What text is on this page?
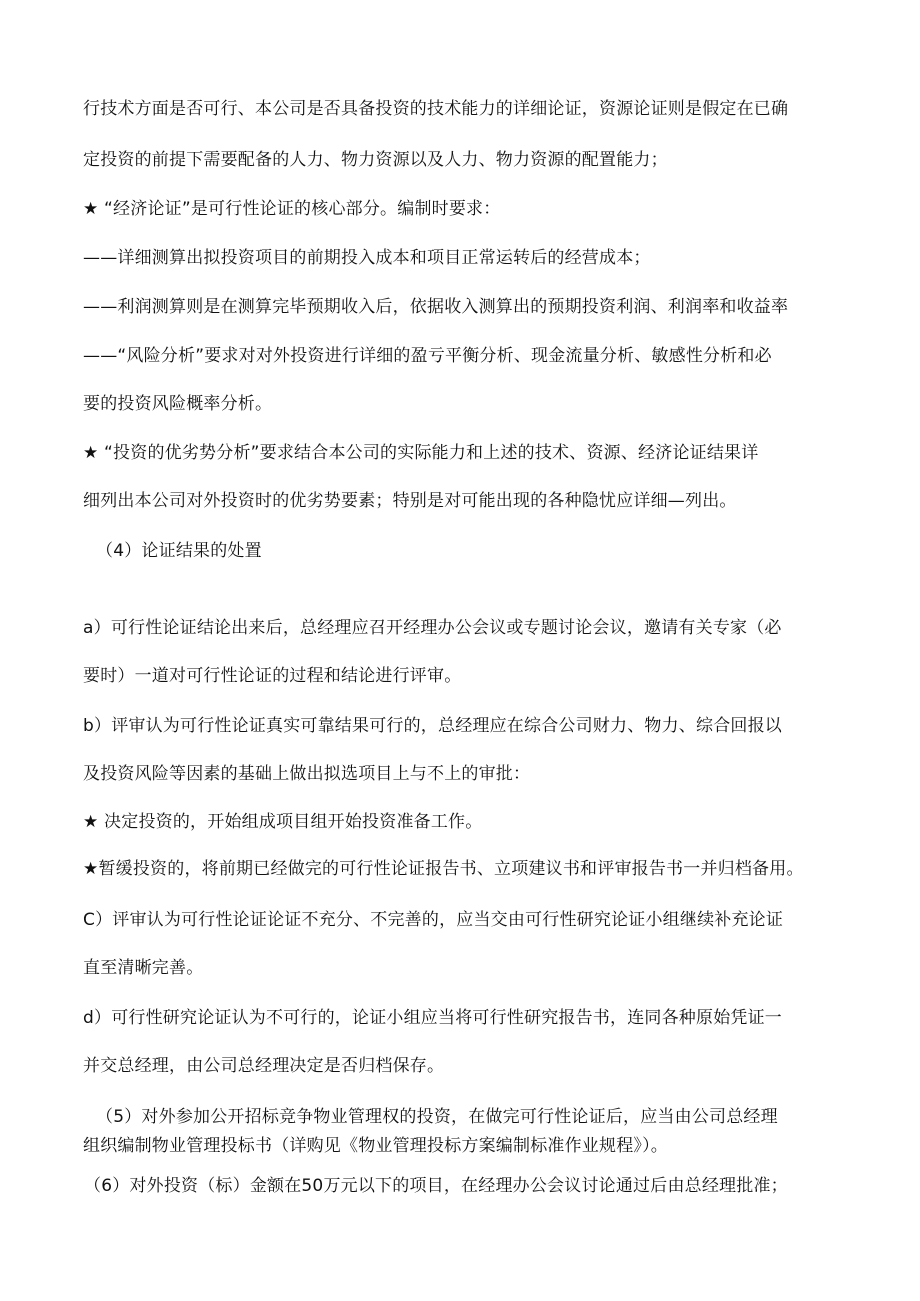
行技术方面是否可行、本公司是否具备投资的技术能力的详细论证，资源论证则是假定在已确
定投资的前提下需要配备的人力、物力资源以及人力、物力资源的配置能力；
★ “经济论证”是可行性论证的核心部分。编制时要求：
——详细测算出拟投资项目的前期投入成本和项目正常运转后的经营成本；
——利润测算则是在测算完毕预期收入后，依据收入测算出的预期投资利润、利润率和收益率
——“风险分析”要求对对外投资进行详细的盈亏平衡分析、现金流量分析、敏感性分析和必
要的投资风险概率分析。
★ “投资的优劣势分析”要求结合本公司的实际能力和上述的技术、资源、经济论证结果详
细列出本公司对外投资时的优劣势要素；特别是对可能出现的各种隐忧应详细—列出。
（4）论证结果的处置
a）可行性论证结论出来后，总经理应召开经理办公会议或专题讨论会议，邀请有关专家（必
要时）一道对可行性论证的过程和结论进行评审。
b）评审认为可行性论证真实可靠结果可行的，总经理应在综合公司财力、物力、综合回报以
及投资风险等因素的基础上做出拟选项目上与不上的审批：
★ 决定投资的，开始组成项目组开始投资准备工作。
★暂缓投资的，将前期已经做完的可行性论证报告书、立项建议书和评审报告书一并归档备用。
C）评审认为可行性论证论证不充分、不完善的，应当交由可行性研究论证小组继续补充论证
直至清晰完善。
d）可行性研究论证认为不可行的，论证小组应当将可行性研究报告书，连同各种原始凭证一
并交总经理，由公司总经理决定是否归档保存。
（5）对外参加公开招标竞争物业管理权的投资，在做完可行性论证后，应当由公司总经理
组织编制物业管理投标书（详购见《物业管理投标方案编制标准作业规程》）。
（6）对外投资（标）金额在50万元以下的项目，在经理办公会议讨论通过后由总经理批准；
